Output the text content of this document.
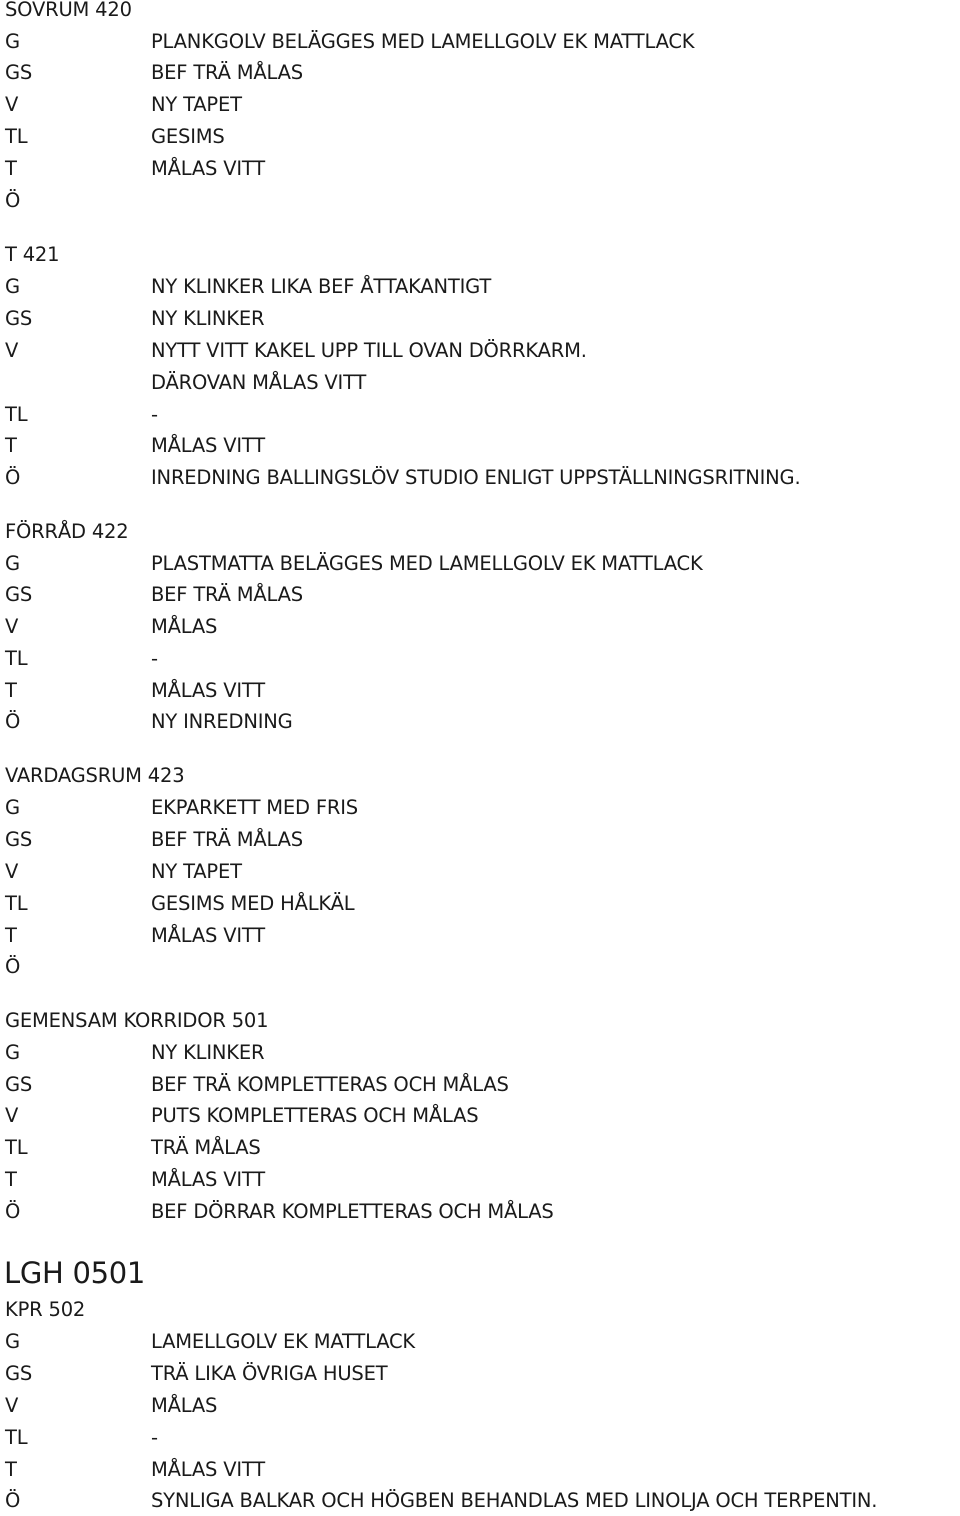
SOVRUM 420
G	PLANKGOLV BELÄGGES MED LAMELLGOLV EK MATTLACK
GS	BEF TRÄ MÅLAS
V	NY TAPET
TL	GESIMS
T	MÅLAS VITT
Ö
T 421
G	NY KLINKER LIKA BEF ÅTTAKANTIGT
GS	NY KLINKER
V	NYTT VITT KAKEL UPP TILL OVAN DÖRRKARM.
DÄROVAN MÅLAS VITT
TL	-
T	MÅLAS VITT
Ö	INREDNING BALLINGSLÖV STUDIO ENLIGT UPPSTÄLLNINGSRITNING.
FÖRRÅD 422
G	PLASTMATTA BELÄGGES MED LAMELLGOLV EK MATTLACK
GS	BEF TRÄ MÅLAS
V	MÅLAS
TL	-
T	MÅLAS VITT
Ö	NY INREDNING
VARDAGSRUM 423
G	EKPARKETT MED FRIS
GS	BEF TRÄ MÅLAS
V	NY TAPET
TL	GESIMS MED HÅLKÄL
T	MÅLAS VITT
Ö
GEMENSAM KORRIDOR 501
G	NY KLINKER
GS	BEF TRÄ KOMPLETTERAS OCH MÅLAS
V	PUTS KOMPLETTERAS OCH MÅLAS
TL	TRÄ MÅLAS
T	MÅLAS VITT
Ö	BEF DÖRRAR KOMPLETTERAS OCH MÅLAS
LGH 0501
KPR 502
G	LAMELLGOLV EK MATTLACK
GS	TRÄ LIKA ÖVRIGA HUSET
V	MÅLAS
TL	-
T	MÅLAS VITT
Ö	SYNLIGA BALKAR OCH HÖGBEN BEHANDLAS MED LINOLJA OCH TERPENTIN.
